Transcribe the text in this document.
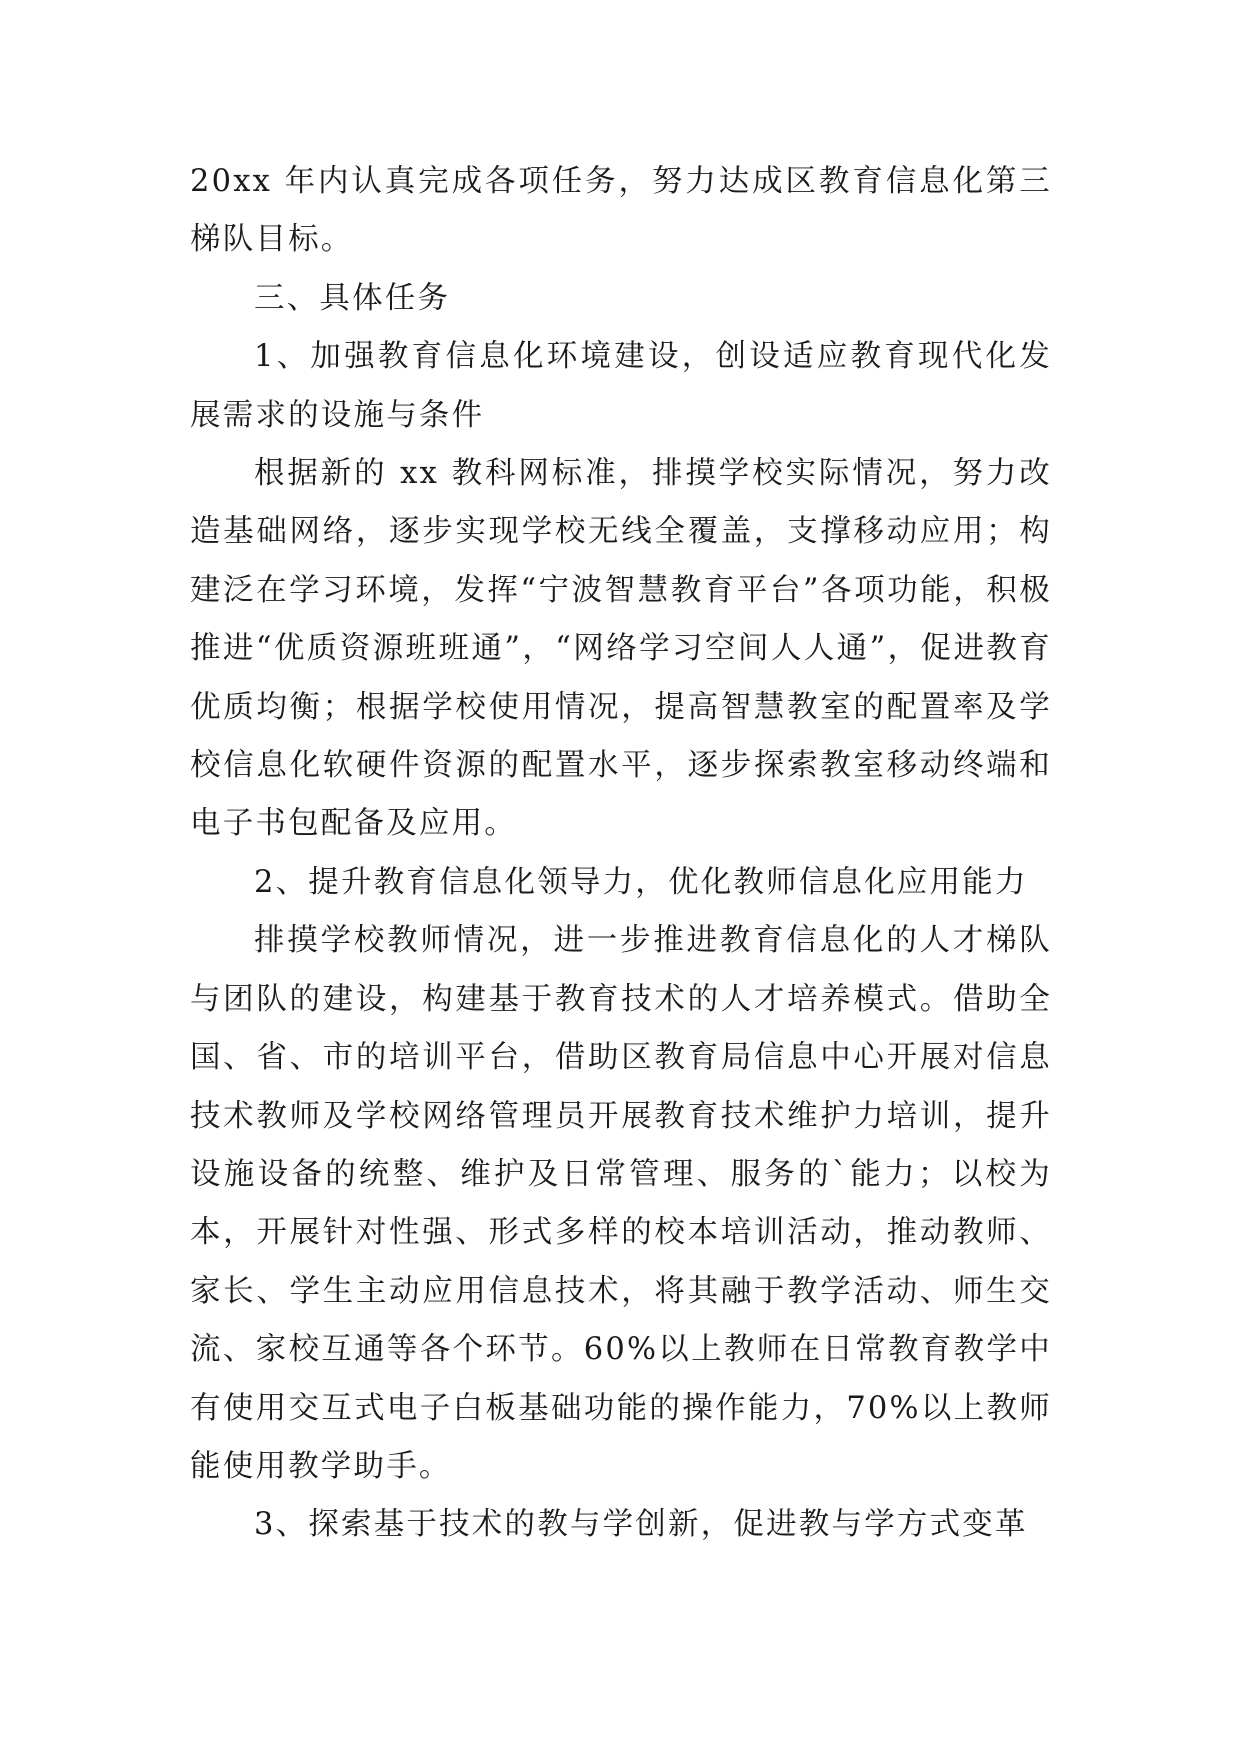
20xx 年内认真完成各项任务，努力达成区教育信息化第三梯队目标。

三、具体任务

1、加强教育信息化环境建设，创设适应教育现代化发展需求的设施与条件

根据新的 xx 教科网标准，排摸学校实际情况，努力改造基础网络，逐步实现学校无线全覆盖，支撑移动应用；构建泛在学习环境，发挥“宁波智慧教育平台”各项功能，积极推进“优质资源班班通”，“网络学习空间人人通”，促进教育优质均衡；根据学校使用情况，提高智慧教室的配置率及学校信息化软硬件资源的配置水平，逐步探索教室移动终端和电子书包配备及应用。

2、提升教育信息化领导力，优化教师信息化应用能力

排摸学校教师情况，进一步推进教育信息化的人才梯队与团队的建设，构建基于教育技术的人才培养模式。借助全国、省、市的培训平台，借助区教育局信息中心开展对信息技术教师及学校网络管理员开展教育技术维护力培训，提升设施设备的统整、维护及日常管理、服务的`能力；以校为本，开展针对性强、形式多样的校本培训活动，推动教师、家长、学生主动应用信息技术，将其融于教学活动、师生交流、家校互通等各个环节。60%以上教师在日常教育教学中有使用交互式电子白板基础功能的操作能力，70%以上教师能使用教学助手。

3、探索基于技术的教与学创新，促进教与学方式变革
